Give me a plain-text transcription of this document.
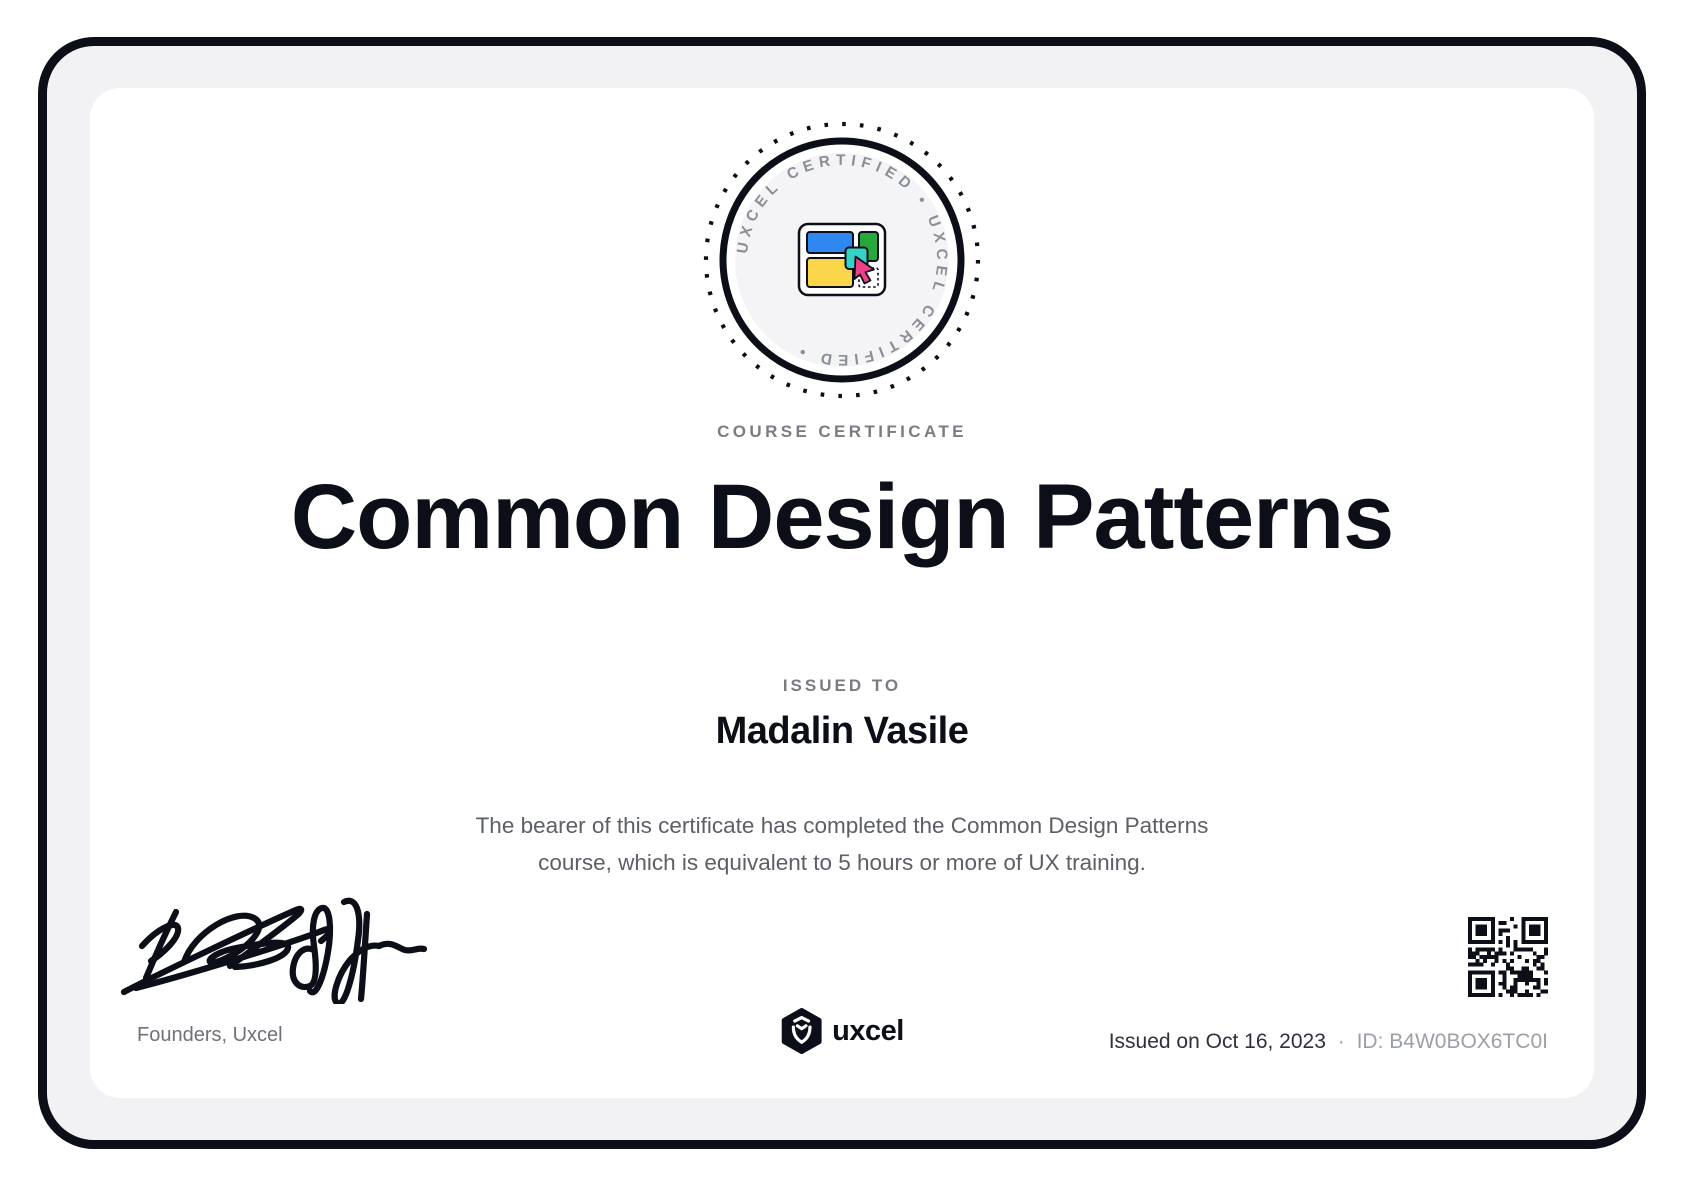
UXCEL CERTIFIED • UXCEL CERTIFIED •
COURSE CERTIFICATE
Common Design Patterns
ISSUED TO
Madalin Vasile
The bearer of this certificate has completed the Common Design Patterns
course, which is equivalent to 5 hours or more of UX training.
Founders, Uxcel	uxcel	Issued on Oct 16, 2023 · ID: B4W0BOX6TC0I
